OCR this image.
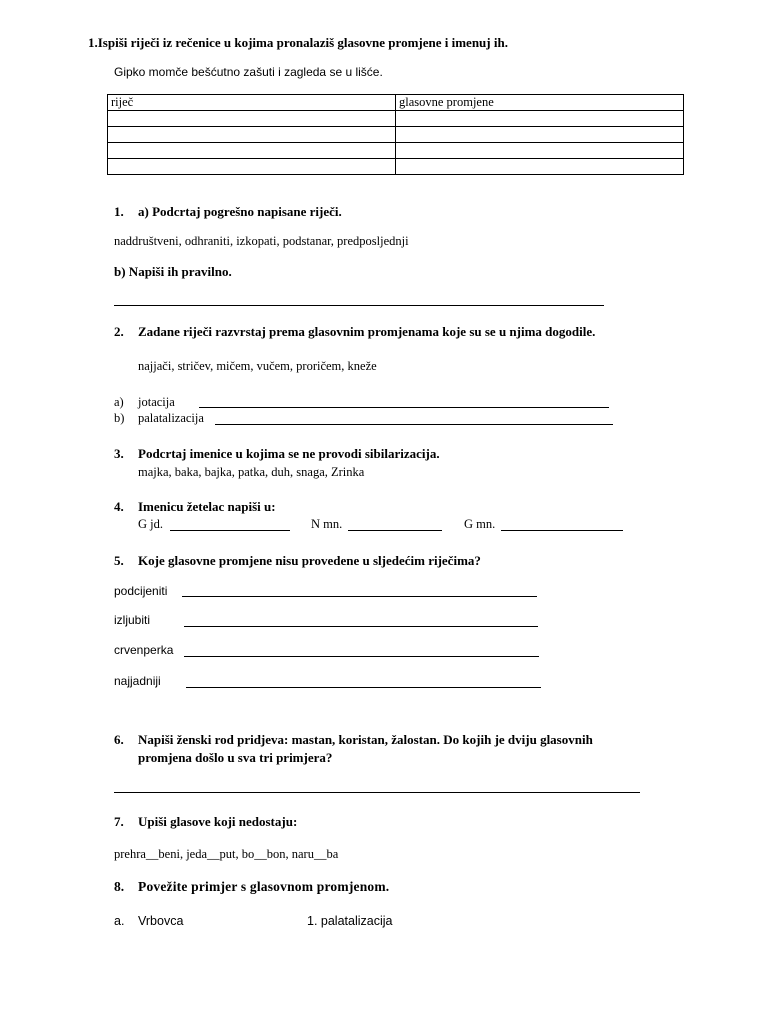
1.Ispiši riječi iz rečenice u kojima pronalaziš glasovne promjene i imenuj ih.
Gipko momče bešćutno zašuti i zagleda se u lišće.
riječ	glasovne promjene

1. a) Podcrtaj pogrešno napisane riječi.
naddruštveni, odhraniti, izkopati, podstanar, predposljednji
b) Napiši ih pravilno.
2. Zadane riječi razvrstaj prema glasovnim promjenama koje su se u njima dogodile.
najjači, stričev, mičem, vučem, proričem, kneže
a) jotacija
b) palatalizacija
3. Podcrtaj imenice u kojima se ne provodi sibilarizacija.
majka, baka, bajka, patka, duh, snaga, Zrinka
4. Imenicu žetelac napiši u:
G jd.	N mn.	G mn.
5. Koje glasovne promjene nisu provedene u sljedećim riječima?
podcijeniti
izljubiti
crvenperka
najjadniji
6. Napiši ženski rod pridjeva: mastan, koristan, žalostan. Do kojih je dviju glasovnih
promjena došlo u sva tri primjera?
7. Upiši glasove koji nedostaju:
prehra__beni, jeda__put, bo__bon, naru__ba
8. Povežite primjer s glasovnom promjenom.
a. Vrbovca	1. palatalizacija
